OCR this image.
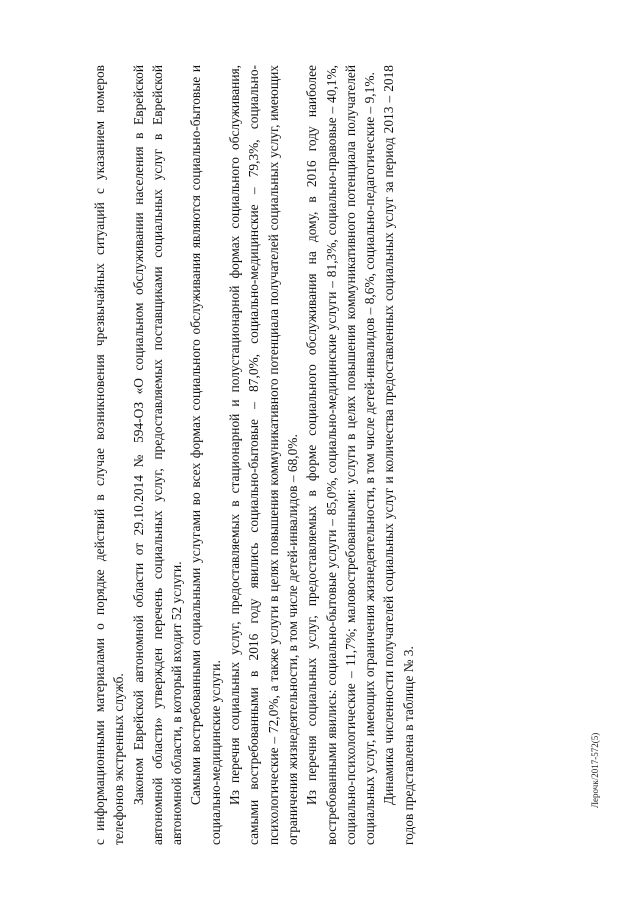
с информационными материалами о порядке действий в случае возникновения чрезвычайных ситуаций с указанием номеров телефонов экстренных служб. Законом Еврейской автономной области от 29.10.2014 № 594-ОЗ «О социальном обслуживании населения в Еврейской автономной области» утвержден перечень социальных услуг, предоставляемых поставщиками социальных услуг в Еврейской автономной области, в который входит 52 услуги. Самыми востребованными социальными услугами во всех формах социального обслуживания являются социально-бытовые и социально-медицинские услуги. Из перечня социальных услуг, предоставляемых в стационарной и полустационарной формах социального обслуживания, самыми востребованными в 2016 году явились социально-бытовые – 87,0%, социально-медицинские – 79,3%, социально-психологические – 72,0%, а также услуги в целях повышения коммуникативного потенциала получателей социальных услуг, имеющих ограничения жизнедеятельности, в том числе детей-инвалидов – 68,0%. Из перечня социальных услуг, предоставляемых в форме социального обслуживания на дому, в 2016 году наиболее востребованными явились: социально-бытовые услуги – 85,0%, социально-медицинские услуги – 81,3%, социально-правовые – 40,1%, социально-психологические – 11,7%; маловостребованными: услуги в целях повышения коммуникативного потенциала получателей социальных услуг, имеющих ограничения жизнедеятельности, в том числе детей-инвалидов – 8,6%, социально-педагогические – 9,1%. Динамика численности получателей социальных услуг и количества предоставленных социальных услуг за период 2013 – 2018 годов представлена в таблице № 3.	Лерочк/2017-572(5)
